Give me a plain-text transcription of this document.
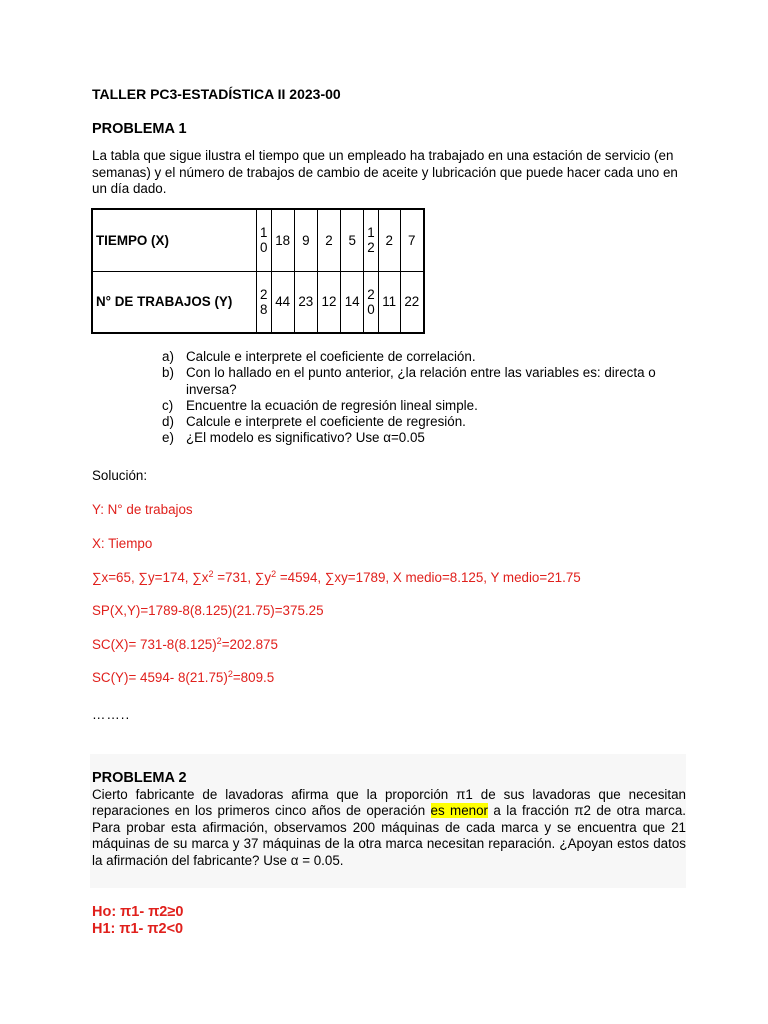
TALLER PC3-ESTADÍSTICA II 2023-00
PROBLEMA 1
La tabla que sigue ilustra el tiempo que un empleado ha trabajado en una estación de servicio (en semanas) y el número de trabajos de cambio de aceite y lubricación que puede hacer cada uno en un día dado.
TIEMPO (X)	10	18	9	2	5	12	2	7
N° DE TRABAJOS (Y)	28	44	23	12	14	20	11	22
a) Calcule e interprete el coeficiente de correlación.
b) Con lo hallado en el punto anterior, ¿la relación entre las variables es: directa o inversa?
c) Encuentre la ecuación de regresión lineal simple.
d) Calcule e interprete el coeficiente de regresión.
e) ¿El modelo es significativo? Use α=0.05
Solución:
Y: N° de trabajos
X: Tiempo
∑x=65, ∑y=174, $\sum x^2 =731$, $\sum y^2 =4594$, ∑xy=1789, X medio=8.125, Y medio=21.75
SP(X,Y)=1789-8(8.125)(21.75)=375.25
$SC(X)= 731-8(8.125)^2=202.875$
SC(Y)= 4594- $8(21.75)^2=809.5$
……..
PROBLEMA 2
Cierto fabricante de lavadoras afirma que la proporción π1 de sus lavadoras que necesitan reparaciones en los primeros cinco años de operación es menor a la fracción π2 de otra marca. Para probar esta afirmación, observamos 200 máquinas de cada marca y se encuentra que 21 máquinas de su marca y 37 máquinas de la otra marca necesitan reparación. ¿Apoyan estos datos la afirmación del fabricante? Use α = 0.05.
Ho: π1- π2≥0
H1: π1- π2<0
